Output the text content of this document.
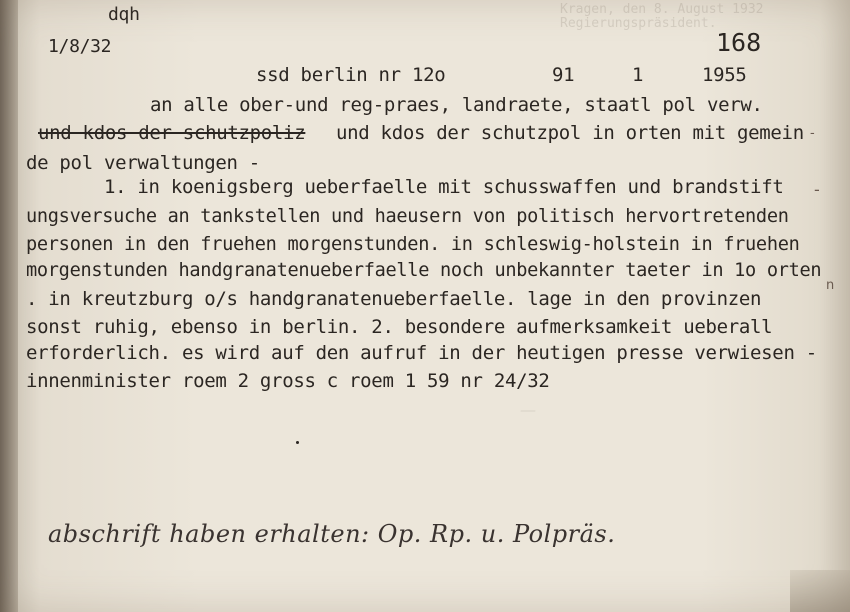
Kragen, den 8. August 1932
Regierungspräsident.
—
dqh
1/8/32	168
ssd berlin nr 12o	91	1	1955
an alle ober-und reg-praes, landraete, staatl pol verw.
und kdos der schutzpoliz und kdos der schutzpol in orten mit gemein -
de pol verwaltungen -
1. in koenigsberg ueberfaelle mit schusswaffen und brandstift -
ungsversuche an tankstellen und haeusern von politisch hervortretenden
personen in den fruehen morgenstunden. in schleswig-holstein in fruehen
morgenstunden handgranatenueberfaelle noch unbekannter taeter in 1o orten
n
. in kreutzburg o/s handgranatenueberfaelle. lage in den provinzen
sonst ruhig, ebenso in berlin. 2. besondere aufmerksamkeit ueberall
erforderlich. es wird auf den aufruf in der heutigen presse verwiesen -
innenminister roem 2 gross c roem 1 59 nr 24/32
abschrift haben erhalten: Op. Rp. u. Polpräs.
